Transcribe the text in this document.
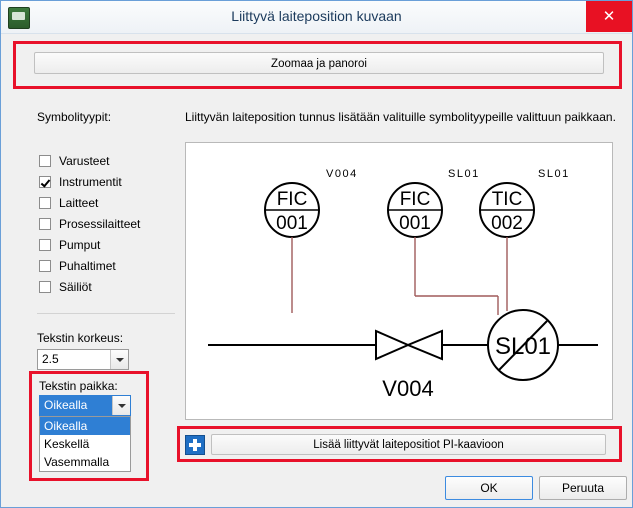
Liittyvä laiteposition kuvaan	✕
Zoomaa ja panoroi
Symbolityypit:	Liittyvän laiteposition tunnus lisätään valituille symbolityypeille valittuun paikkaan.
Varusteet
Instrumentit
Laitteet
Prosessilaitteet
Pumput
Puhaltimet
Säiliöt
Tekstin korkeus:
2.5
Tekstin paikka:
Oikealla
Oikealla
Keskellä
Vasemmalla
FIC
001
V004
FIC
001
SL01
TIC
002
SL01
V004
SL01
Lisää liittyvät laitepositiot PI-kaavioon
OK	Peruuta
